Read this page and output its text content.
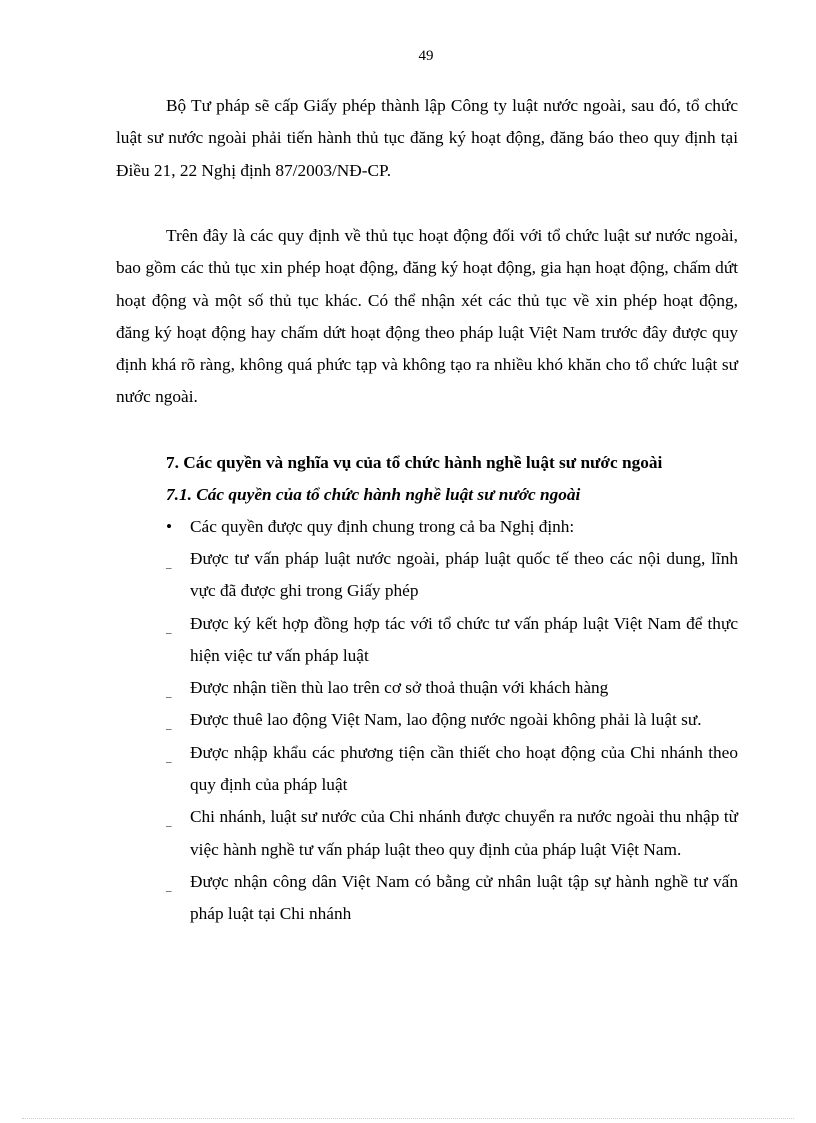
49

Bộ Tư pháp sẽ cấp Giấy phép thành lập Công ty luật nước ngoài, sau đó, tổ chức luật sư nước ngoài phải tiến hành thủ tục đăng ký hoạt động, đăng báo theo quy định tại Điều 21, 22 Nghị định 87/2003/NĐ-CP.

Trên đây là các quy định về thủ tục hoạt động đối với tổ chức luật sư nước ngoài, bao gồm các thủ tục xin phép hoạt động, đăng ký hoạt động, gia hạn hoạt động, chấm dứt hoạt động và một số thủ tục khác. Có thể nhận xét các thủ tục về xin phép hoạt động, đăng ký hoạt động hay chấm dứt hoạt động theo pháp luật Việt Nam trước đây được quy định khá rõ ràng, không quá phức tạp và không tạo ra nhiều khó khăn cho tổ chức luật sư nước ngoài.

7. Các quyền và nghĩa vụ của tổ chức hành nghề luật sư nước ngoài
7.1. Các quyền của tổ chức hành nghề luật sư nước ngoài
• Các quyền được quy định chung trong cả ba Nghị định:
_	Được tư vấn pháp luật nước ngoài, pháp luật quốc tế theo các nội dung, lĩnh vực đã được ghi trong Giấy phép
_	Được ký kết hợp đồng hợp tác với tổ chức tư vấn pháp luật Việt Nam để thực hiện việc tư vấn pháp luật
_	Được nhận tiền thù lao trên cơ sở thoả thuận với khách hàng
_	Được thuê lao động Việt Nam, lao động nước ngoài không phải là luật sư.
_	Được nhập khẩu các phương tiện cần thiết cho hoạt động của Chi nhánh theo quy định của pháp luật
_	Chi nhánh, luật sư nước của Chi nhánh được chuyển ra nước ngoài thu nhập từ việc hành nghề tư vấn pháp luật theo quy định của pháp luật Việt Nam.
_	Được nhận công dân Việt Nam có bằng cử nhân luật tập sự hành nghề tư vấn pháp luật tại Chi nhánh
